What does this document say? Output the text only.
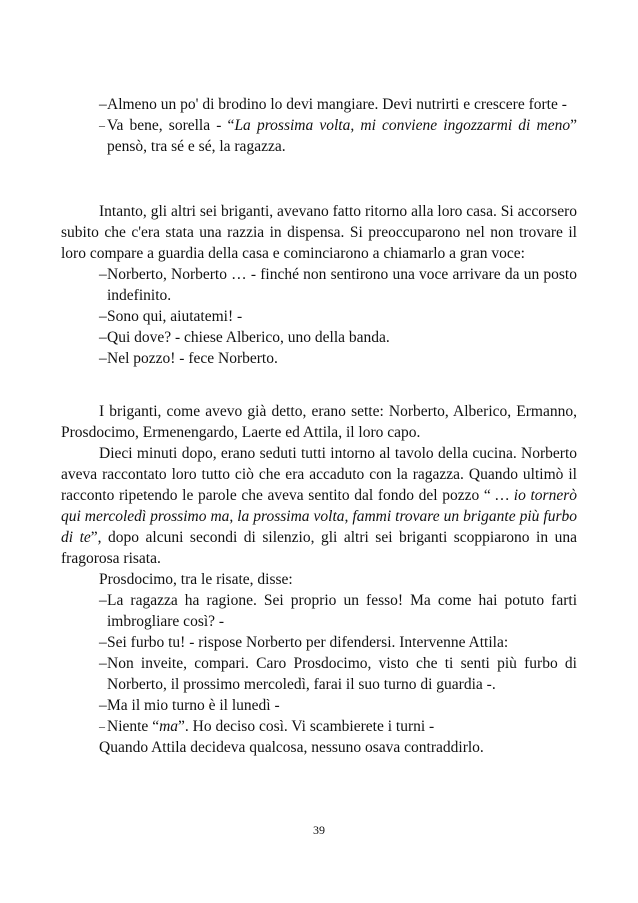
– Almeno un po' di brodino lo devi mangiare. Devi nutrirti e crescere forte -

– Va bene, sorella - “La prossima volta, mi conviene ingozzarmi di meno” pensò, tra sé e sé, la ragazza.

Intanto, gli altri sei briganti, avevano fatto ritorno alla loro casa. Si accorsero subito che c'era stata una razzia in dispensa. Si preoccuparono nel non trovare il loro compare a guardia della casa e cominciarono a chiamarlo a gran voce:

– Norberto, Norberto … - finché non sentirono una voce arrivare da un posto indefinito.

– Sono qui, aiutatemi! -

– Qui dove? - chiese Alberico, uno della banda.

– Nel pozzo! - fece Norberto.

I briganti, come avevo già detto, erano sette: Norberto, Alberico, Ermanno, Prosdocimo, Ermenengardo, Laerte ed Attila, il loro capo.

Dieci minuti dopo, erano seduti tutti intorno al tavolo della cucina. Norberto aveva raccontato loro tutto ciò che era accaduto con la ragazza. Quando ultimò il racconto ripetendo le parole che aveva sentito dal fondo del pozzo “ … io tornerò qui mercoledì prossimo ma, la prossima volta, fammi trovare un brigante più furbo di te”, dopo alcuni secondi di silenzio, gli altri sei briganti scoppiarono in una fragorosa risata.

Prosdocimo, tra le risate, disse:

– La ragazza ha ragione. Sei proprio un fesso! Ma come hai potuto farti imbrogliare così? -

– Sei furbo tu! - rispose Norberto per difendersi. Intervenne Attila:

– Non inveite, compari. Caro Prosdocimo, visto che ti senti più furbo di Norberto, il prossimo mercoledì, farai il suo turno di guardia -.

– Ma il mio turno è il lunedì -

– Niente “ma”. Ho deciso così. Vi scambierete i turni -

Quando Attila decideva qualcosa, nessuno osava contraddirlo.

39
